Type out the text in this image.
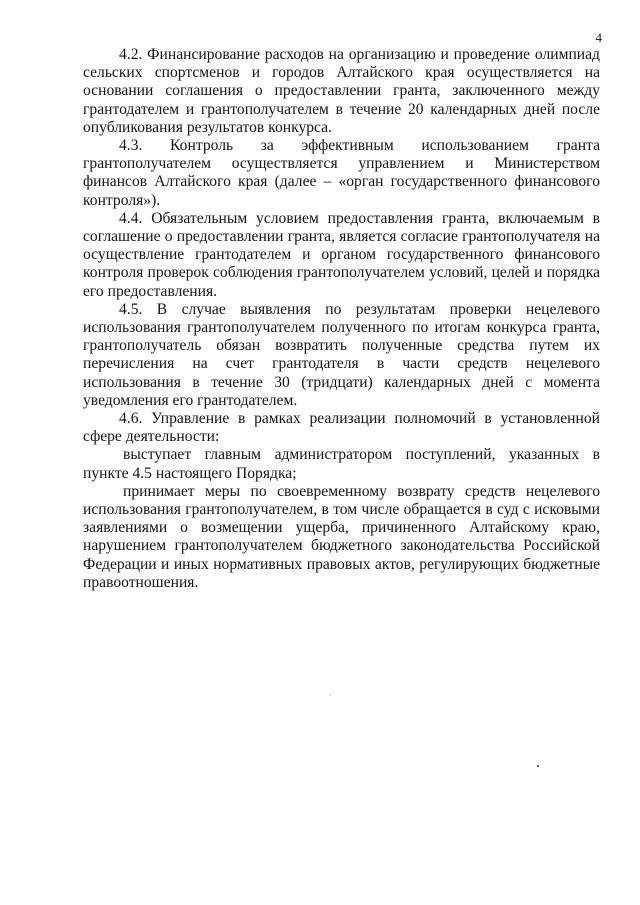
4

4.2. Финансирование расходов на организацию и проведение олимпиад сельских спортсменов и городов Алтайского края осуществляется на основании соглашения о предоставлении гранта, заключенного между грантодателем и грантополучателем в течение 20 календарных дней после опубликования результатов конкурса.

4.3. Контроль за эффективным использованием гранта грантополучателем осуществляется управлением и Министерством финансов Алтайского края (далее – «орган государственного финансового контроля»).

4.4. Обязательным условием предоставления гранта, включаемым в соглашение о предоставлении гранта, является согласие грантополучателя на осуществление грантодателем и органом государственного финансового контроля проверок соблюдения грантополучателем условий, целей и порядка его предоставления.

4.5. В случае выявления по результатам проверки нецелевого использования грантополучателем полученного по итогам конкурса гранта, грантополучатель обязан возвратить полученные средства путем их перечисления на счет грантодателя в части средств нецелевого использования в течение 30 (тридцати) календарных дней с момента уведомления его грантодателем.

4.6. Управление в рамках реализации полномочий в установленной сфере деятельности:

выступает главным администратором поступлений, указанных в пункте 4.5 настоящего Порядка;

принимает меры по своевременному возврату средств нецелевого использования грантополучателем, в том числе обращается в суд с исковыми заявлениями о возмещении ущерба, причиненного Алтайскому краю, нарушением грантополучателем бюджетного законодательства Российской Федерации и иных нормативных правовых актов, регулирующих бюджетные правоотношения.
